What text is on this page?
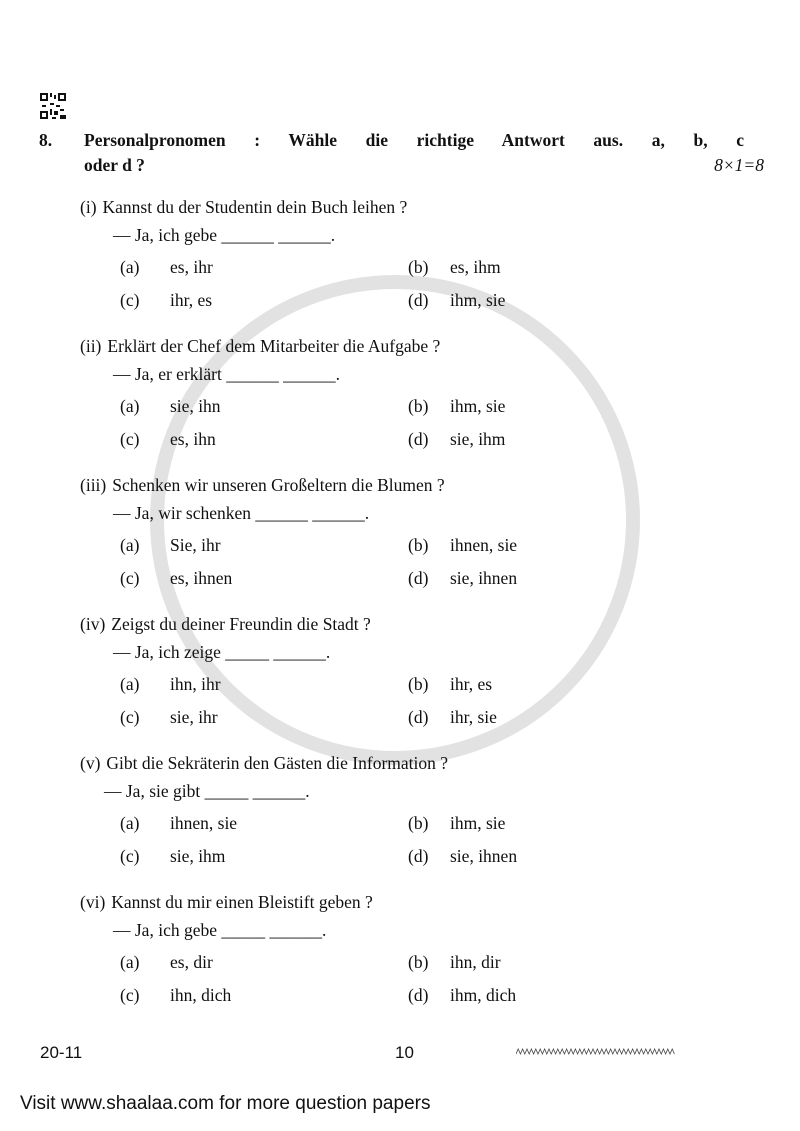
8. Personalpronomen : Wähle die richtige Antwort aus. a, b, c
oder d ?	8×1=8
(i) Kannst du der Studentin dein Buch leihen ?
— Ja, ich gebe ______ ______.
(a) es, ihr	(b) es, ihm
(c) ihr, es	(d) ihm, sie
(ii) Erklärt der Chef dem Mitarbeiter die Aufgabe ?
— Ja, er erklärt ______ ______.
(a) sie, ihn	(b) ihm, sie
(c) es, ihn	(d) sie, ihm
(iii) Schenken wir unseren Großeltern die Blumen ?
— Ja, wir schenken ______ ______.
(a) Sie, ihr	(b) ihnen, sie
(c) es, ihnen	(d) sie, ihnen
(iv) Zeigst du deiner Freundin die Stadt ?
— Ja, ich zeige _____ ______.
(a) ihn, ihr	(b) ihr, es
(c) sie, ihr	(d) ihr, sie
(v) Gibt die Sekräterin den Gästen die Information ?
— Ja, sie gibt _____ ______.
(a) ihnen, sie	(b) ihm, sie
(c) sie, ihm	(d) sie, ihnen
(vi) Kannst du mir einen Bleistift geben ?
— Ja, ich gebe _____ ______.
(a) es, dir	(b) ihn, dir
(c) ihn, dich	(d) ihm, dich
20-11	10
Visit www.shaalaa.com for more question papers
